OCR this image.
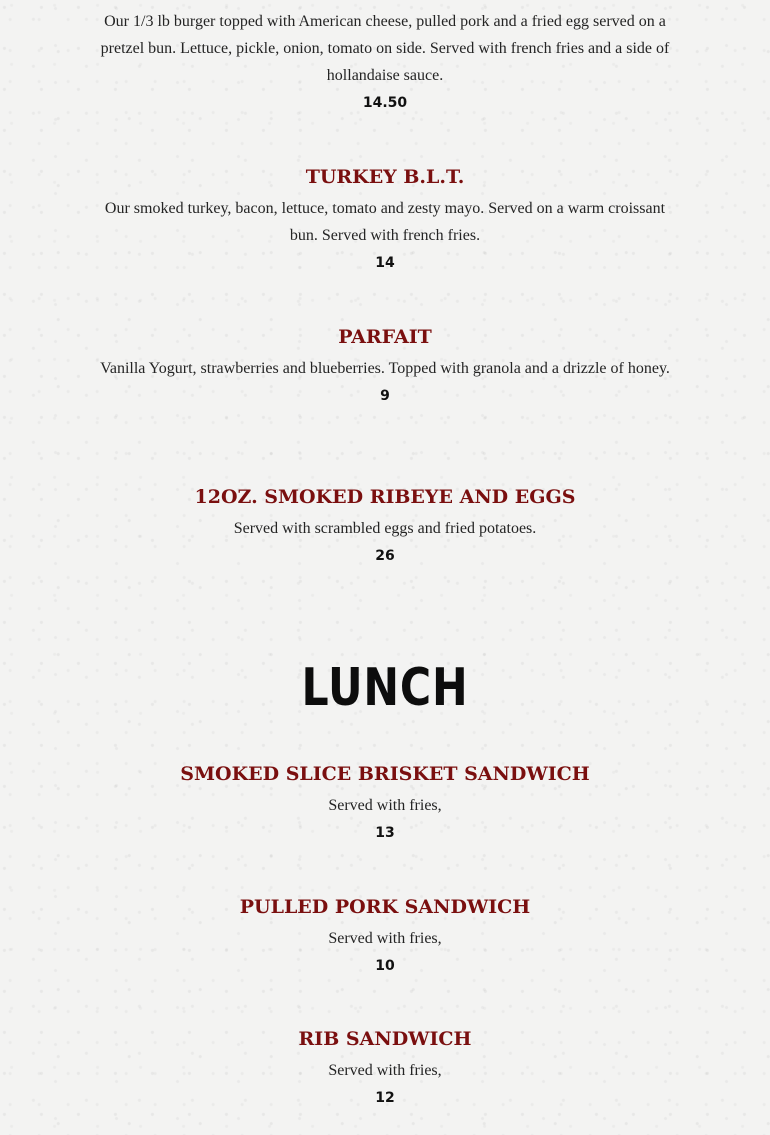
Our 1/3 lb burger topped with American cheese, pulled pork and a fried egg served on a pretzel bun. Lettuce, pickle, onion, tomato on side. Served with french fries and a side of hollandaise sauce.
14.50
TURKEY B.L.T.
Our smoked turkey, bacon, lettuce, tomato and zesty mayo. Served on a warm croissant bun. Served with french fries.
14
PARFAIT
Vanilla Yogurt, strawberries and blueberries. Topped with granola and a drizzle of honey.
9
12OZ. SMOKED RIBEYE AND EGGS
Served with scrambled eggs and fried potatoes.
26
LUNCH
SMOKED SLICE BRISKET SANDWICH
Served with fries,
13
PULLED PORK SANDWICH
Served with fries,
10
RIB SANDWICH
Served with fries,
12
